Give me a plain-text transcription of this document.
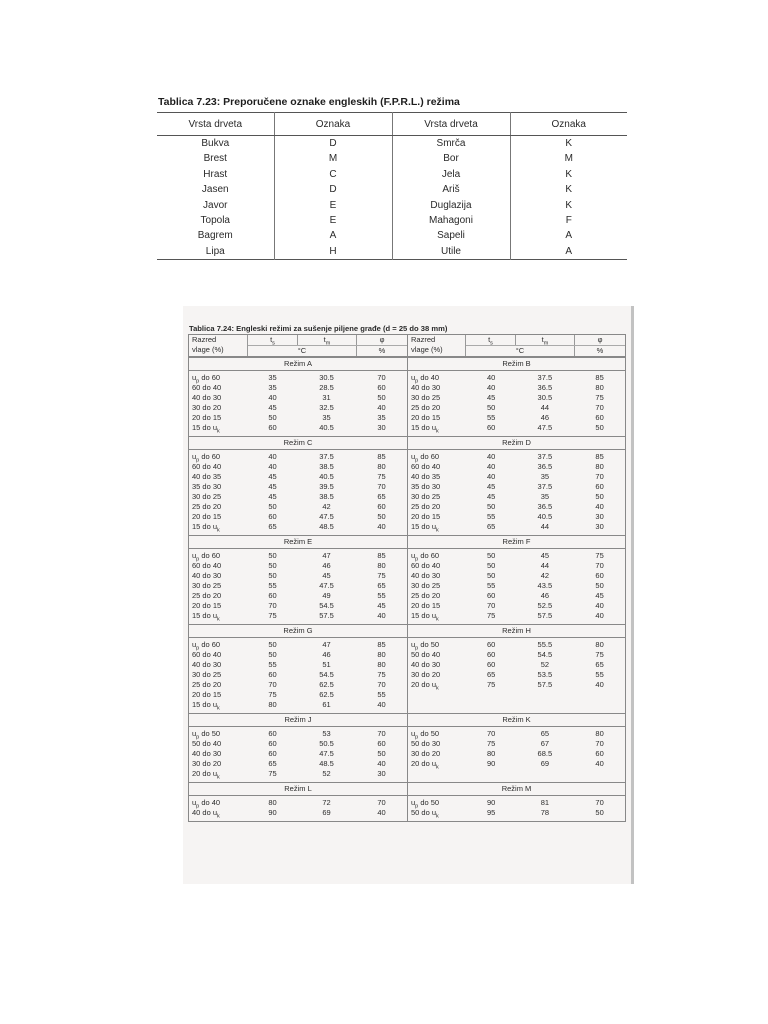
Tablica 7.23: Preporučene oznake engleskih (F.P.R.L.) režima
Vrsta drveta	Oznaka	Vrsta drveta	Oznaka
Bukva	D	Smrča	K
Brest	M	Bor	M
Hrast	C	Jela	K
Jasen	D	Ariš	K
Javor	E	Duglazija	K
Topola	E	Mahagoni	F
Bagrem	A	Sapeli	A
Lipa	H	Utile	A
Tablica 7.24: Engleski režimi za sušenje piljene građe (d = 25 do 38 mm)
Razred
vlage (%)
$t_s$	$t_m$	φ
°C	%
Razred
vlage (%)
$t_s$	$t_m$	φ
°C	%
Režim A
$u_p$ do 60	35	30.5	70
60 do 40	35	28.5	60
40 do 30	40	31	50
30 do 20	45	32.5	40
20 do 15	50	35	35
15 do $u_k$	60	40.5	30
Režim B
$u_p$ do 40	40	37.5	85
40 do 30	40	36.5	80
30 do 25	45	30.5	75
25 do 20	50	44	70
20 do 15	55	46	60
15 do $u_k$	60	47.5	50
Režim C
$u_p$ do 60	40	37.5	85
60 do 40	40	38.5	80
40 do 35	45	40.5	75
35 do 30	45	39.5	70
30 do 25	45	38.5	65
25 do 20	50	42	60
20 do 15	60	47.5	50
15 do $u_k$	65	48.5	40
Režim D
$u_p$ do 60	40	37.5	85
60 do 40	40	36.5	80
40 do 35	40	35	70
35 do 30	45	37.5	60
30 do 25	45	35	50
25 do 20	50	36.5	40
20 do 15	55	40.5	30
15 do $u_k$	65	44	30
Režim E
$u_p$ do 60	50	47	85
60 do 40	50	46	80
40 do 30	50	45	75
30 do 25	55	47.5	65
25 do 20	60	49	55
20 do 15	70	54.5	45
15 do $u_k$	75	57.5	40
Režim F
$u_p$ do 60	50	45	75
60 do 40	50	44	70
40 do 30	50	42	60
30 do 25	55	43.5	50
25 do 20	60	46	45
20 do 15	70	52.5	40
15 do $u_k$	75	57.5	40
Režim G
$u_p$ do 60	50	47	85
60 do 40	50	46	80
40 do 30	55	51	80
30 do 25	60	54.5	75
25 do 20	70	62.5	70
20 do 15	75	62.5	55
15 do $u_k$	80	61	40
Režim H
$u_p$ do 50	60	55.5	80
50 do 40	60	54.5	75
40 do 30	60	52	65
30 do 20	65	53.5	55
20 do $u_k$	75	57.5	40
Režim J
$u_p$ do 50	60	53	70
50 do 40	60	50.5	60
40 do 30	60	47.5	50
30 do 20	65	48.5	40
20 do $u_k$	75	52	30
Režim K
$u_p$ do 50	70	65	80
50 do 30	75	67	70
30 do 20	80	68.5	60
20 do $u_k$	90	69	40
Režim L
$u_p$ do 40	80	72	70
40 do $u_k$	90	69	40
Režim M
$u_p$ do 50	90	81	70
50 do $u_k$	95	78	50
